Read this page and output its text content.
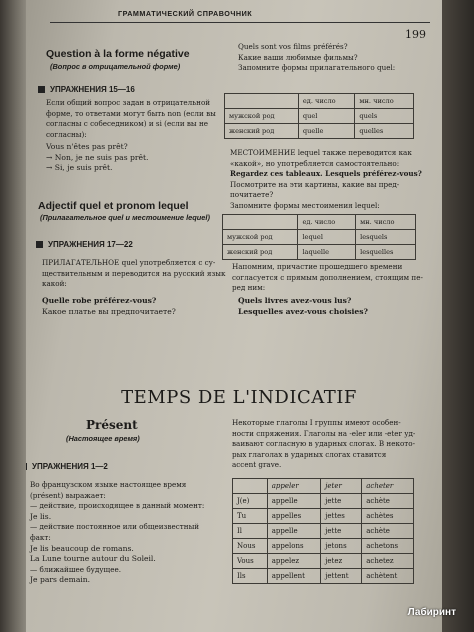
ГРАММАТИЧЕСКИЙ СПРАВОЧНИК
199
Question à la forme négative
(Вопрос в отрицательной форме)
УПРАЖНЕНИЯ 15—16
Если общий вопрос задан в отрицательной
форме, то ответами могут быть non (если вы
согласны с собеседником) и si (если вы не
согласны):
Vous n'êtes pas prêt?
→ Non, je ne suis pas prêt.
→ Si, je suis prêt.
Adjectif quel et pronom lequel
(Прилагательное quel и местоимение lequel)
УПРАЖНЕНИЯ 17—22
ПРИЛАГАТЕЛЬНОЕ quel употребляется с су-
ществительным и переводится на русский язык
какой:
Quelle robe préférez-vous?
Какое платье вы предпочитаете?
Quels sont vos films préférés?
Какие ваши любимые фильмы?
Запомните формы прилагательного quel:
	ед. число	мн. число
мужской род	quel	quels
женский род	quelle	quelles
МЕСТОИМЕНИЕ lequel также переводится как
«какой», но употребляется самостоятельно:
Regardez ces tableaux. Lesquels préférez-vous?
Посмотрите на эти картины, какие вы пред-
почитаете?
Запомните формы местоимения lequel:
	ед. число	мн. число
мужской род	lequel	lesquels
женский род	laquelle	lesquelles
Напомним, причастие прошедшего времени
согласуется с прямым дополнением, стоящим пе-
ред ним:
Quels livres avez-vous lus?
Lesquelles avez-vous choisies?
TEMPS DE L'INDICATIF
Présent
(Настоящее время)
УПРАЖНЕНИЯ 1—2
Во французском языке настоящее время
(présent) выражает:
— действие, происходящее в данный момент:
Je lis.
— действие постоянное или общеизвестный
факт:
Je lis beaucoup de romans.
La Lune tourne autour du Soleil.
— ближайшее будущее.
Je pars demain.
Некоторые глаголы I группы имеют особен-
ности спряжения. Глаголы на -eler или -eter уд-
ваивают согласную в ударных слогах. В некото-
рых глаголах в ударных слогах ставится
accent grave.
	appeler	jeter	acheter
J(e)	appelle	jette	achète
Tu	appelles	jettes	achètes
Il	appelle	jette	achète
Nous	appelons	jetons	achetons
Vous	appelez	jetez	achetez
Ils	appellent	jettent	achètent
Лабиринт
